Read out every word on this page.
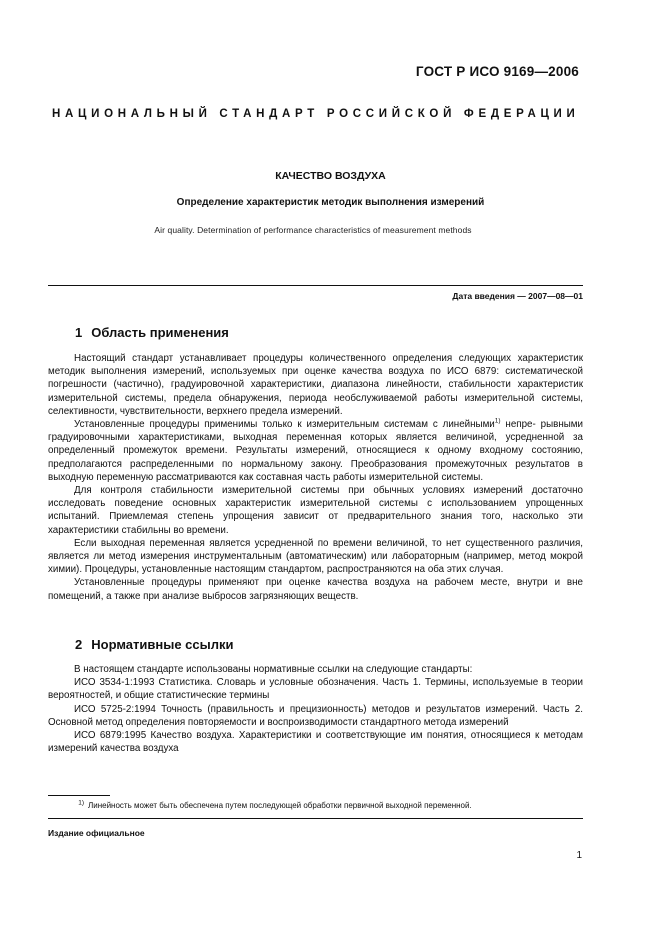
ГОСТ Р ИСО 9169—2006
НАЦИОНАЛЬНЫЙ СТАНДАРТ РОССИЙСКОЙ ФЕДЕРАЦИИ
КАЧЕСТВО ВОЗДУХА
Определение характеристик методик выполнения измерений
Air quality. Determination of performance characteristics of measurement methods
Дата введения — 2007—08—01
1 Область применения

Настоящий стандарт устанавливает процедуры количественного определения следующих характеристик методик выполнения измерений, используемых при оценке качества воздуха по ИСО 6879: систематической погрешности (частично), градуировочной характеристики, диапазона линейности, стабильности характеристик измерительной системы, предела обнаружения, периода необслуживаемой работы измерительной системы, селективности, чувствительности, верхнего предела измерений.

Установленные процедуры применимы только к измерительным системам с линейными$^{1)}$ непре- рывными градуировочными характеристиками, выходная переменная которых является величиной, усредненной за определенный промежуток времени. Результаты измерений, относящиеся к одному входному состоянию, предполагаются распределенными по нормальному закону. Преобразования промежуточных результатов в выходную переменную рассматриваются как составная часть работы измерительной системы.

Для контроля стабильности измерительной системы при обычных условиях измерений достаточно исследовать поведение основных характеристик измерительной системы с использованием упрощенных испытаний. Приемлемая степень упрощения зависит от предварительного знания того, насколько эти характеристики стабильны во времени.

Если выходная переменная является усредненной по времени величиной, то нет существенного различия, является ли метод измерения инструментальным (автоматическим) или лабораторным (например, метод мокрой химии). Процедуры, установленные настоящим стандартом, распространяются на оба этих случая.

Установленные процедуры применяют при оценке качества воздуха на рабочем месте, внутри и вне помещений, а также при анализе выбросов загрязняющих веществ.

2 Нормативные ссылки

В настоящем стандарте использованы нормативные ссылки на следующие стандарты:

ИСО 3534-1:1993 Статистика. Словарь и условные обозначения. Часть 1. Термины, используемые в теории вероятностей, и общие статистические термины

ИСО 5725-2:1994 Точность (правильность и прецизионность) методов и результатов измерений. Часть 2. Основной метод определения повторяемости и воспроизводимости стандартного метода измерений

ИСО 6879:1995 Качество воздуха. Характеристики и соответствующие им понятия, относящиеся к методам измерений качества воздуха

$^{1)}$ Линейность может быть обеспечена путем последующей обработки первичной выходной переменной.
Издание официальное
1
